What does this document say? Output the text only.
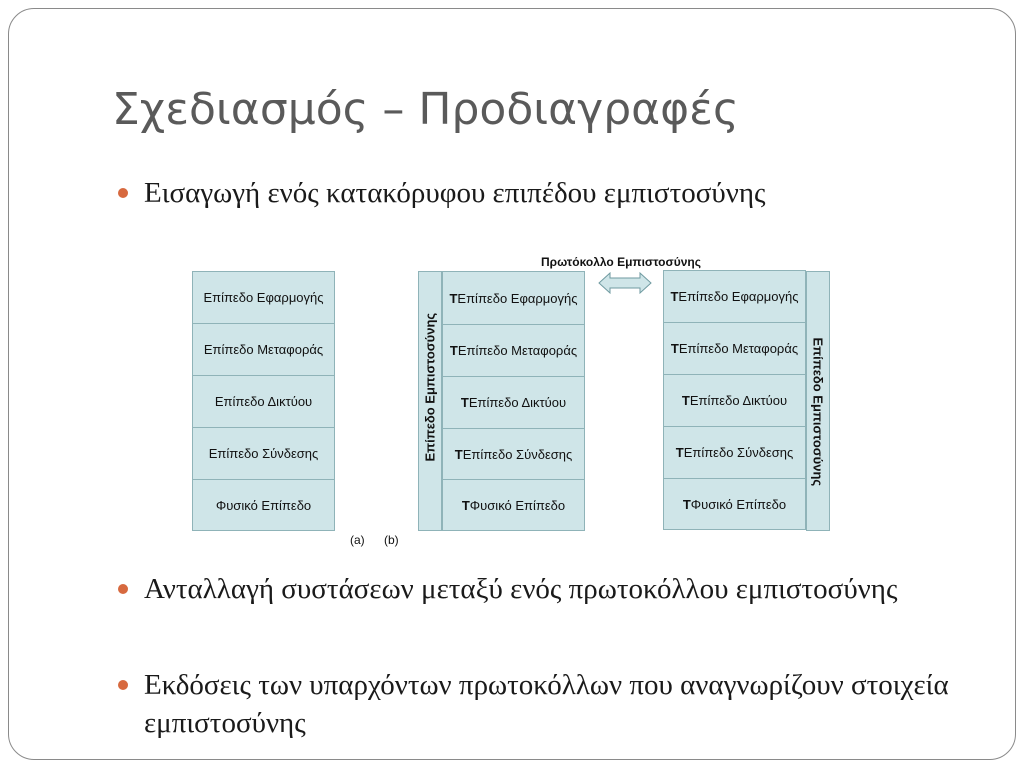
Σχεδιασμός – Προδιαγραφές
Εισαγωγή ενός κατακόρυφου επιπέδου εμπιστοσύνης
Ανταλλαγή συστάσεων μεταξύ ενός πρωτοκόλλου εμπιστοσύνης
Εκδόσεις των υπαρχόντων πρωτοκόλλων που αναγνωρίζουν στοιχεία εμπιστοσύνης
Επίπεδο Εφαρμογής
Επίπεδο Μεταφοράς
Επίπεδο Δικτύου
Επίπεδο Σύνδεσης
Φυσικό Επίπεδο
Επίπεδο Εμπιστοσύνης
T Επίπεδο Εφαρμογής
T Επίπεδο Μεταφοράς
T Επίπεδο Δικτύου
T Επίπεδο Σύνδεσης
T Φυσικό Επίπεδο
Πρωτόκολλο Εμπιστοσύνης
T Επίπεδο Εφαρμογής
T Επίπεδο Μεταφοράς
T Επίπεδο Δικτύου
T Επίπεδο Σύνδεσης
T Φυσικό Επίπεδο
Επίπεδο Εμπιστοσύνης
(a) (b)
